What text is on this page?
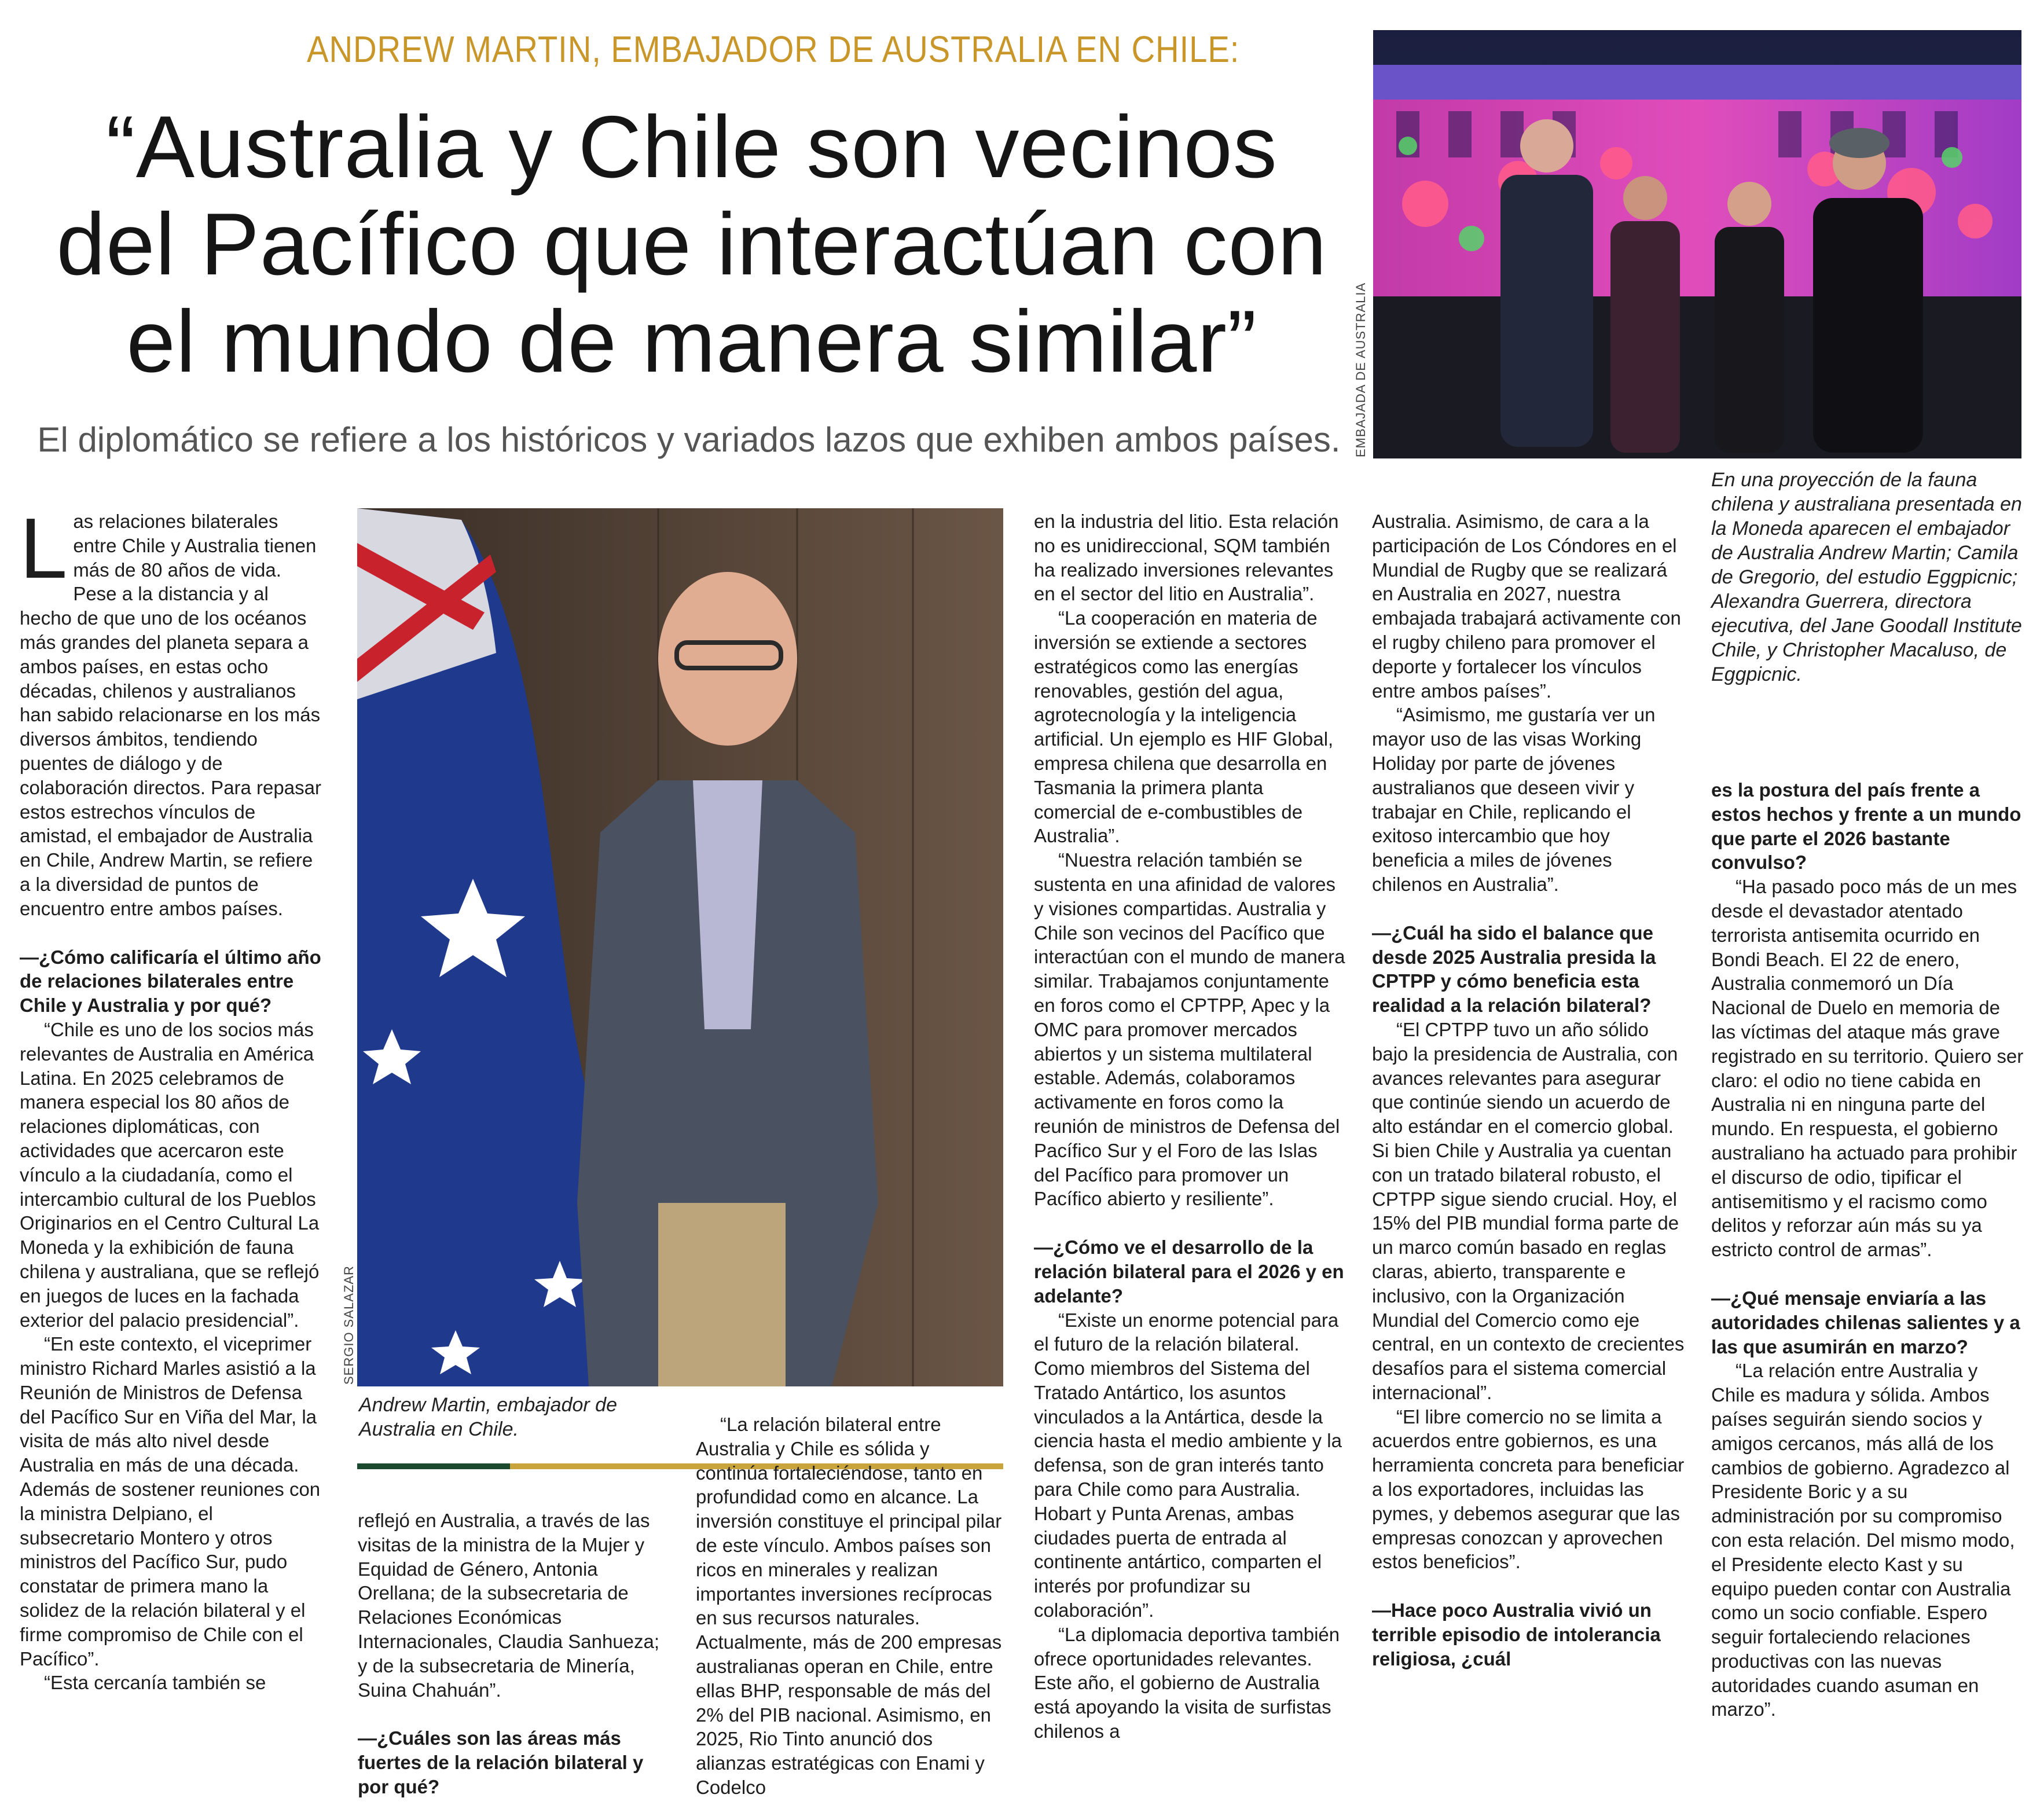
ANDREW MARTIN, EMBAJADOR DE AUSTRALIA EN CHILE:
“Australia y Chile son vecinos
del Pacífico que interactúan con
el mundo de manera similar”
El diplomático se refiere a los históricos y variados lazos que exhiben ambos países.	EMBAJADA DE AUSTRALIA
En una proyección de la fauna chilena y australiana presentada en la Moneda aparecen el embajador de Australia Andrew Martin; Camila de Gregorio, del estudio Eggpicnic; Alexandra Guerrera, directora ejecutiva, del Jane Goodall Institute Chile, y Christopher Macaluso, de Eggpicnic.
SERGIO SALAZAR
Andrew Martin, embajador de Australia en Chile.

Las relaciones bilaterales entre Chile y Australia tienen más de 80 años de vida. Pese a la distancia y al hecho de que uno de los océanos más grandes del planeta separa a ambos países, en estas ocho décadas, chilenos y australianos han sabido relacionarse en los más diversos ámbitos, tendiendo puentes de diálogo y de colaboración directos. Para repasar estos estrechos vínculos de amistad, el embajador de Australia en Chile, Andrew Martin, se refiere a la diversidad de puntos de encuentro entre ambos países.

—¿Cómo calificaría el último año de relaciones bilaterales entre Chile y Australia y por qué?

“Chile es uno de los socios más relevantes de Australia en América Latina. En 2025 celebramos de manera especial los 80 años de relaciones diplomáticas, con actividades que acercaron este vínculo a la ciudadanía, como el intercambio cultural de los Pueblos Originarios en el Centro Cultural La Moneda y la exhibición de fauna chilena y australiana, que se reflejó en juegos de luces en la fachada exterior del palacio presidencial”.

“En este contexto, el viceprimer ministro Richard Marles asistió a la Reunión de Ministros de Defensa del Pacífico Sur en Viña del Mar, la visita de más alto nivel desde Australia en más de una década. Además de sostener reuniones con la ministra Delpiano, el subsecretario Montero y otros ministros del Pacífico Sur, pudo constatar de primera mano la solidez de la relación bilateral y el firme compromiso de Chile con el Pacífico”.

“Esta cercanía también se

reflejó en Australia, a través de las visitas de la ministra de la Mujer y Equidad de Género, Antonia Orellana; de la subsecretaria de Relaciones Económicas Internacionales, Claudia Sanhueza; y de la subsecretaria de Minería, Suina Chahuán”.

—¿Cuáles son las áreas más fuertes de la relación bilateral y por qué?

“La relación bilateral entre Australia y Chile es sólida y continúa fortaleciéndose, tanto en profundidad como en alcance. La inversión constituye el principal pilar de este vínculo. Ambos países son ricos en minerales y realizan importantes inversiones recíprocas en sus recursos naturales. Actualmente, más de 200 empresas australianas operan en Chile, entre ellas BHP, responsable de más del 2% del PIB nacional. Asimismo, en 2025, Rio Tinto anunció dos alianzas estratégicas con Enami y Codelco

en la industria del litio. Esta relación no es unidireccional, SQM también ha realizado inversiones relevantes en el sector del litio en Australia”.

“La cooperación en materia de inversión se extiende a sectores estratégicos como las energías renovables, gestión del agua, agrotecnología y la inteligencia artificial. Un ejemplo es HIF Global, empresa chilena que desarrolla en Tasmania la primera planta comercial de e-combustibles de Australia”.

“Nuestra relación también se sustenta en una afinidad de valores y visiones compartidas. Australia y Chile son vecinos del Pacífico que interactúan con el mundo de manera similar. Trabajamos conjuntamente en foros como el CPTPP, Apec y la OMC para promover mercados abiertos y un sistema multilateral estable. Además, colaboramos activamente en foros como la reunión de ministros de Defensa del Pacífico Sur y el Foro de las Islas del Pacífico para promover un Pacífico abierto y resiliente”.

—¿Cómo ve el desarrollo de la relación bilateral para el 2026 y en adelante?

“Existe un enorme potencial para el futuro de la relación bilateral. Como miembros del Sistema del Tratado Antártico, los asuntos vinculados a la Antártica, desde la ciencia hasta el medio ambiente y la defensa, son de gran interés tanto para Chile como para Australia. Hobart y Punta Arenas, ambas ciudades puerta de entrada al continente antártico, comparten el interés por profundizar su colaboración”.

“La diplomacia deportiva también ofrece oportunidades relevantes. Este año, el gobierno de Australia está apoyando la visita de surfistas chilenos a

Australia. Asimismo, de cara a la participación de Los Cóndores en el Mundial de Rugby que se realizará en Australia en 2027, nuestra embajada trabajará activamente con el rugby chileno para promover el deporte y fortalecer los vínculos entre ambos países”.

“Asimismo, me gustaría ver un mayor uso de las visas Working Holiday por parte de jóvenes australianos que deseen vivir y trabajar en Chile, replicando el exitoso intercambio que hoy beneficia a miles de jóvenes chilenos en Australia”.

—¿Cuál ha sido el balance que desde 2025 Australia presida la CPTPP y cómo beneficia esta realidad a la relación bilateral?

“El CPTPP tuvo un año sólido bajo la presidencia de Australia, con avances relevantes para asegurar que continúe siendo un acuerdo de alto estándar en el comercio global. Si bien Chile y Australia ya cuentan con un tratado bilateral robusto, el CPTPP sigue siendo crucial. Hoy, el 15% del PIB mundial forma parte de un marco común basado en reglas claras, abierto, transparente e inclusivo, con la Organización Mundial del Comercio como eje central, en un contexto de crecientes desafíos para el sistema comercial internacional”.

“El libre comercio no se limita a acuerdos entre gobiernos, es una herramienta concreta para beneficiar a los exportadores, incluidas las pymes, y debemos asegurar que las empresas conozcan y aprovechen estos beneficios”.

—Hace poco Australia vivió un terrible episodio de intolerancia religiosa, ¿cuál
es la postura del país frente a estos hechos y frente a un mundo que parte el 2026 bastante convulso?

“Ha pasado poco más de un mes desde el devastador atentado terrorista antisemita ocurrido en Bondi Beach. El 22 de enero, Australia conmemoró un Día Nacional de Duelo en memoria de las víctimas del ataque más grave registrado en su territorio. Quiero ser claro: el odio no tiene cabida en Australia ni en ninguna parte del mundo. En respuesta, el gobierno australiano ha actuado para prohibir el discurso de odio, tipificar el antisemitismo y el racismo como delitos y reforzar aún más su ya estricto control de armas”.

—¿Qué mensaje enviaría a las autoridades chilenas salientes y a las que asumirán en marzo?

“La relación entre Australia y Chile es madura y sólida. Ambos países seguirán siendo socios y amigos cercanos, más allá de los cambios de gobierno. Agradezco al Presidente Boric y a su administración por su compromiso con esta relación. Del mismo modo, el Presidente electo Kast y su equipo pueden contar con Australia como un socio confiable. Espero seguir fortaleciendo relaciones productivas con las nuevas autoridades cuando asuman en marzo”.
